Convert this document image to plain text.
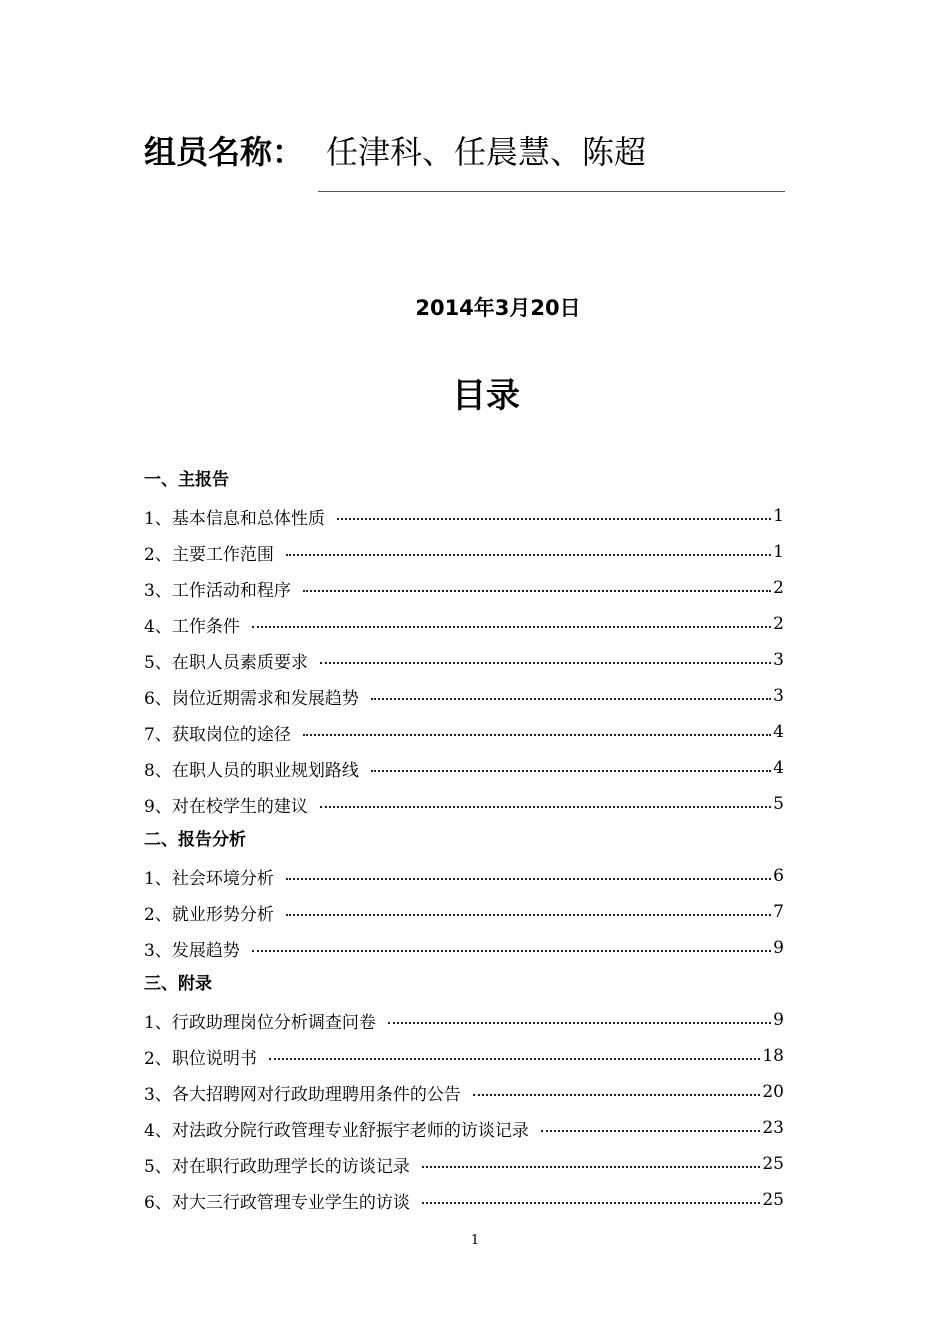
组员名称： 任津科、任晨慧、陈超
2014年3月20日
目录
一、主报告
1、基本信息和总体性质	1
2、主要工作范围	1
3、工作活动和程序	2
4、工作条件	2
5、在职人员素质要求	3
6、岗位近期需求和发展趋势	3
7、获取岗位的途径	4
8、在职人员的职业规划路线	4
9、对在校学生的建议	5
二、报告分析
1、社会环境分析	6
2、就业形势分析	7
3、发展趋势	9
三、附录
1、行政助理岗位分析调查问卷	9
2、职位说明书	18
3、各大招聘网对行政助理聘用条件的公告	20
4、对法政分院行政管理专业舒振宇老师的访谈记录	23
5、对在职行政助理学长的访谈记录	25
6、对大三行政管理专业学生的访谈	25
1
